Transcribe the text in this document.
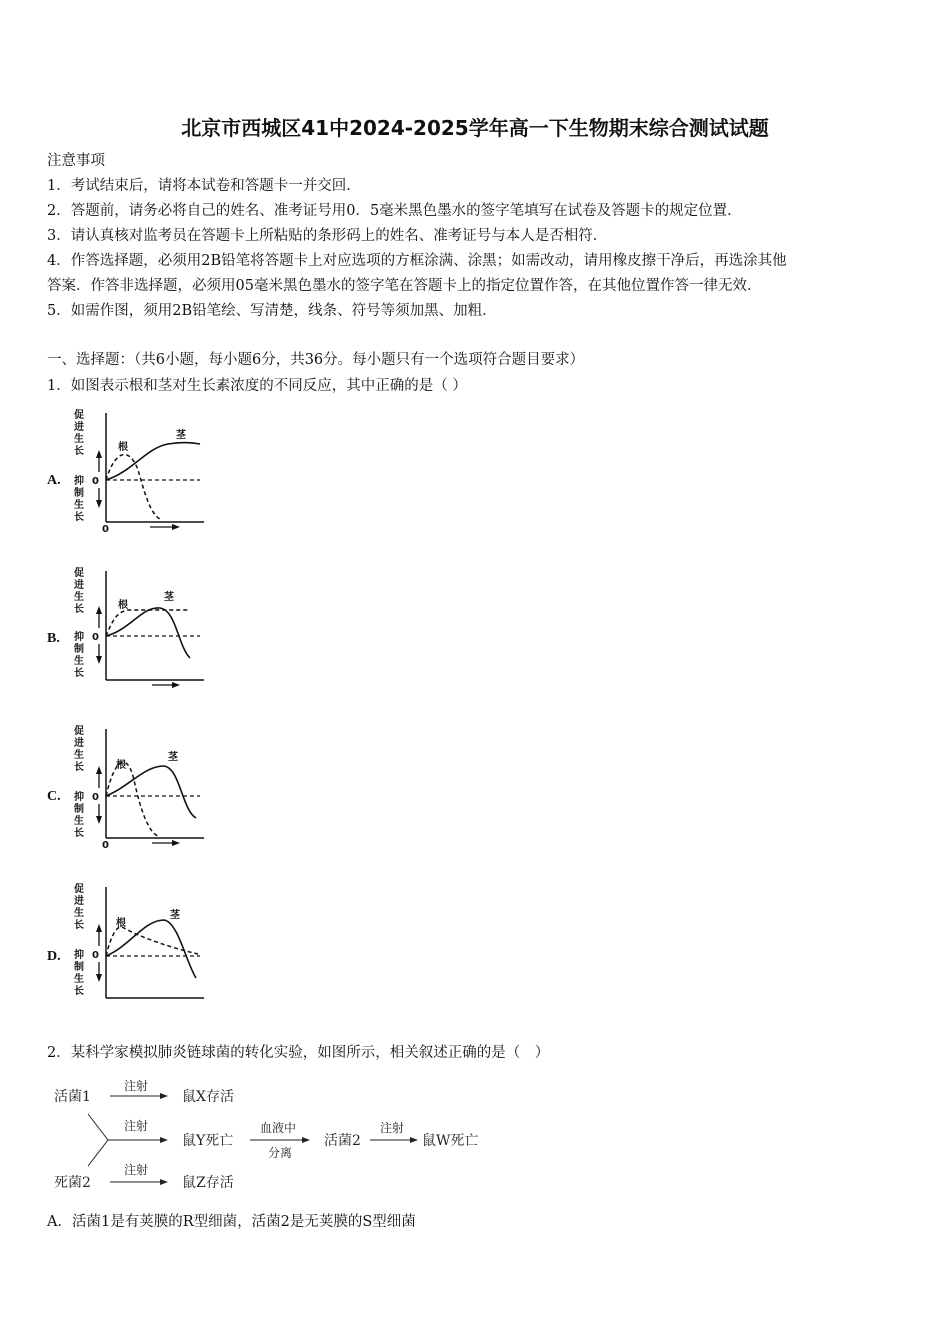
北京市西城区41中2024-2025学年高一下生物期末综合测试试题
注意事项
1．考试结束后，请将本试卷和答题卡一并交回．
2．答题前，请务必将自己的姓名、准考证号用0．5毫米黑色墨水的签字笔填写在试卷及答题卡的规定位置．
3．请认真核对监考员在答题卡上所粘贴的条形码上的姓名、准考证号与本人是否相符．
4．作答选择题，必须用2B铅笔将答题卡上对应选项的方框涂满、涂黑；如需改动，请用橡皮擦干净后，再选涂其他
答案．作答非选择题，必须用05毫米黑色墨水的签字笔在答题卡上的指定位置作答，在其他位置作答一律无效．
5．如需作图，须用2B铅笔绘、写清楚，线条、符号等须加黑、加粗．
一、选择题：（共6小题，每小题6分，共36分。每小题只有一个选项符合题目要求）
1．如图表示根和茎对生长素浓度的不同反应，其中正确的是（ ）
A.
促
进
生
长
0
抑
制
生
长
0
根
茎
B.
促
进
生
长
0
抑
制
生
长
根
茎
C.
促
进
生
长
0
抑
制
生
长
0
根
茎
D.
促
进
生
长
0
抑
制
生
长
根
茎
2．某科学家模拟肺炎链球菌的转化实验，如图所示，相关叙述正确的是（　）
活菌1
死菌2
注射
鼠X存活
注射
鼠Y死亡
血液中
分离
活菌2
注射
鼠W死亡
注射
鼠Z存活
A．活菌1是有荚膜的R型细菌，活菌2是无荚膜的S型细菌
